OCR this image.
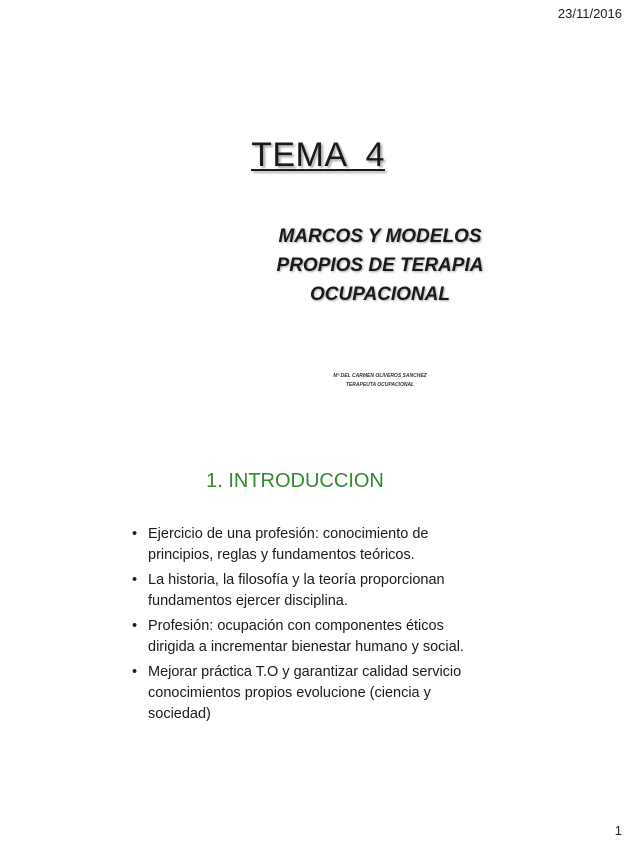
23/11/2016
TEMA  4
MARCOS Y MODELOS
PROPIOS DE TERAPIA
OCUPACIONAL
Mª DEL CARMEN OLIVEROS SANCHEZ
TERAPEUTA OCUPACIONAL
1. INTRODUCCION
• Ejercicio de una profesión: conocimiento de
principios, reglas y fundamentos teóricos.
• La historia, la filosofía y la teoría proporcionan
fundamentos ejercer disciplina.
• Profesión: ocupación con componentes éticos
dirigida a incrementar bienestar humano y social.
• Mejorar práctica T.O y garantizar calidad servicio
conocimientos propios evolucione (ciencia y
sociedad)
1
